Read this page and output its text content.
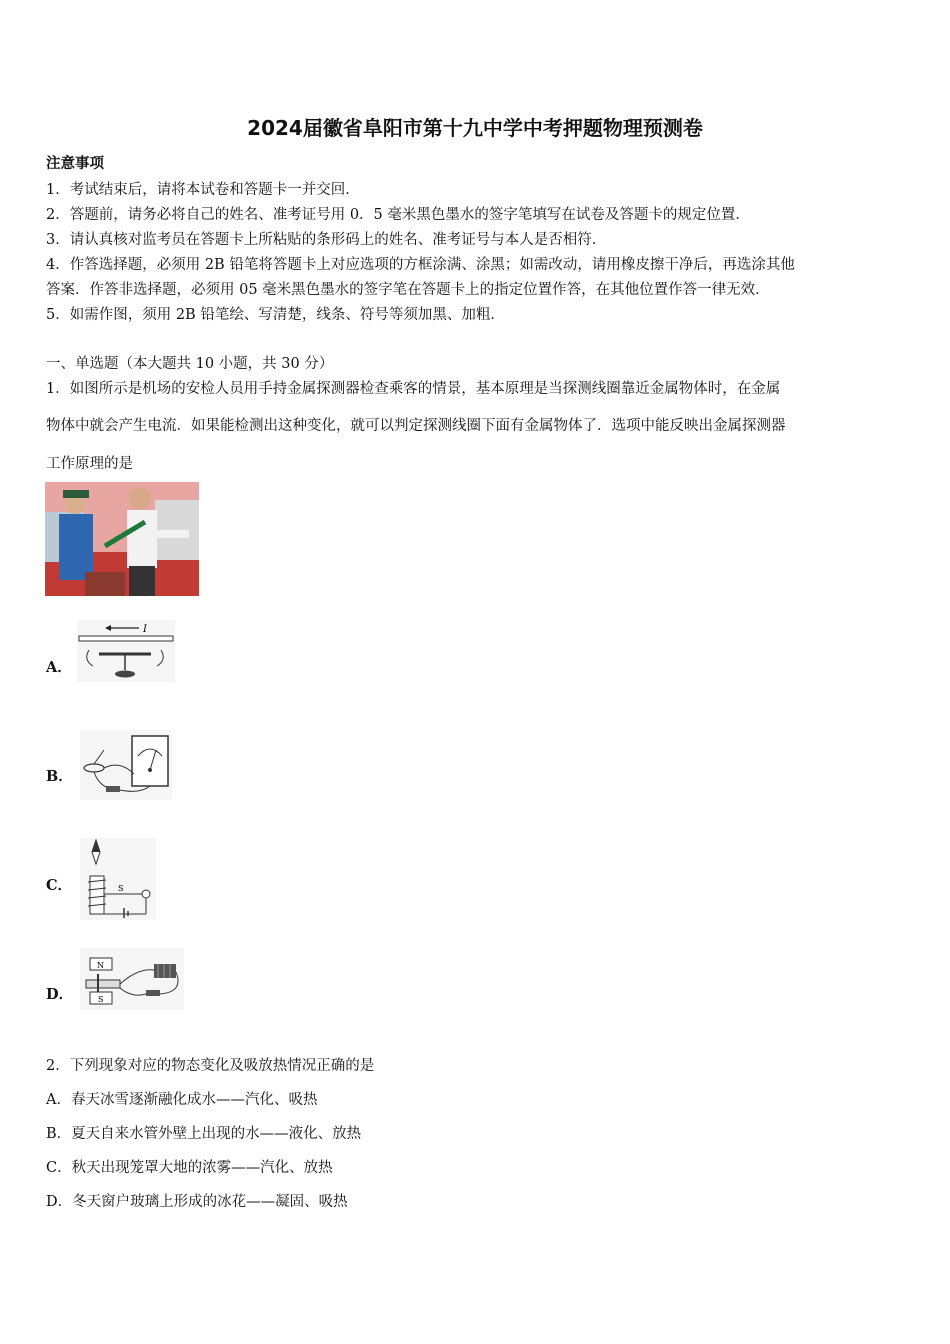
2024届徽省阜阳市第十九中学中考押题物理预测卷
注意事项
1．考试结束后，请将本试卷和答题卡一并交回．
2．答题前，请务必将自己的姓名、准考证号用 0．5 毫米黑色墨水的签字笔填写在试卷及答题卡的规定位置．
3．请认真核对监考员在答题卡上所粘贴的条形码上的姓名、准考证号与本人是否相符．
4．作答选择题，必须用 2B 铅笔将答题卡上对应选项的方框涂满、涂黑；如需改动，请用橡皮擦干净后，再选涂其他
答案．作答非选择题，必须用 05 毫米黑色墨水的签字笔在答题卡上的指定位置作答，在其他位置作答一律无效．
5．如需作图，须用 2B 铅笔绘、写清楚，线条、符号等须加黑、加粗．
一、单选题（本大题共 10 小题，共 30 分）
1．如图所示是机场的安检人员用手持金属探测器检查乘客的情景，基本原理是当探测线圈靠近金属物体时，在金属
物体中就会产生电流．如果能检测出这种变化，就可以判定探测线圈下面有金属物体了．选项中能反映出金属探测器
工作原理的是
A．
I
B．
C．	S
D．
N
S
2．下列现象对应的物态变化及吸放热情况正确的是
A．春天冰雪逐渐融化成水——汽化、吸热
B．夏天自来水管外壁上出现的水——液化、放热
C．秋天出现笼罩大地的浓雾——汽化、放热
D．冬天窗户玻璃上形成的冰花——凝固、吸热
